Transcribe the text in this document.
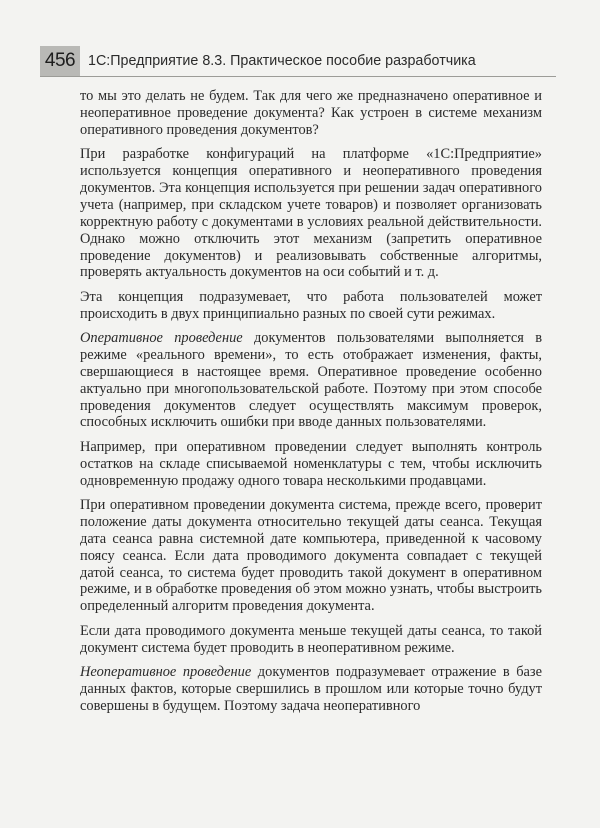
456 1С:Предприятие 8.3. Практическое пособие разработчика

то мы это делать не будем. Так для чего же предназначено оперативное и неоперативное проведение документа? Как устроен в системе механизм оперативного проведения документов?

При разработке конфигураций на платформе «1С:Предприятие» используется концепция оперативного и неоперативного проведения документов. Эта концепция используется при решении задач оперативного учета (например, при складском учете товаров) и позволяет организовать корректную работу с документами в условиях реальной действительности. Однако можно отключить этот механизм (запретить оперативное проведение документов) и реализовывать собственные алгоритмы, проверять актуальность документов на оси событий и т. д.

Эта концепция подразумевает, что работа пользователей может происходить в двух принципиально разных по своей сути режимах.

Оперативное проведение документов пользователями выполняется в режиме «реального времени», то есть отображает изменения, факты, свершающиеся в настоящее время. Оперативное проведение особенно актуально при многопользовательской работе. Поэтому при этом способе проведения документов следует осуществлять максимум проверок, способных исключить ошибки при вводе данных пользователями.

Например, при оперативном проведении следует выполнять контроль остатков на складе списываемой номенклатуры с тем, чтобы исключить одновременную продажу одного товара несколькими продавцами.

При оперативном проведении документа система, прежде всего, проверит положение даты документа относительно текущей даты сеанса. Текущая дата сеанса равна системной дате компьютера, приведенной к часовому поясу сеанса. Если дата проводимого документа совпадает с текущей датой сеанса, то система будет проводить такой документ в оперативном режиме, и в обработке проведения об этом можно узнать, чтобы выстроить определенный алгоритм проведения документа.

Если дата проводимого документа меньше текущей даты сеанса, то такой документ система будет проводить в неоперативном режиме.

Неоперативное проведение документов подразумевает отражение в базе данных фактов, которые свершились в прошлом или которые точно будут совершены в будущем. Поэтому задача неоперативного
